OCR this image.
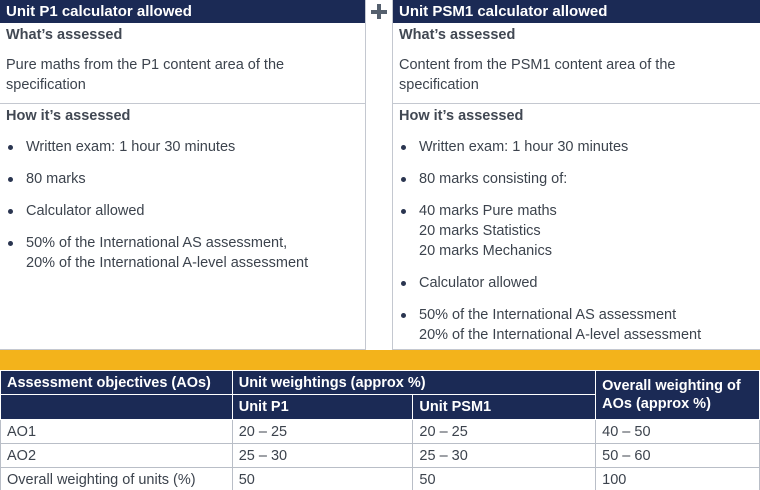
Unit P1 calculator allowed
What’s assessed
Pure maths from the P1 content area of the
specification
How it’s assessed
Written exam: 1 hour 30 minutes
80 marks
Calculator allowed
50% of the International AS assessment,
20% of the International A-level assessment
Unit PSM1 calculator allowed
What’s assessed
Content from the PSM1 content area of the
specification
How it’s assessed
Written exam: 1 hour 30 minutes
80 marks consisting of:
40 marks Pure maths
20 marks Statistics
20 marks Mechanics
Calculator allowed
50% of the International AS assessment
20% of the International A-level assessment
Assessment objectives (AOs)	Unit weightings (approx %)		Overall weighting of
AOs (approx %)

	Unit P1	Unit PSM1	
AO1	20 – 25	20 – 25	40 – 50
AO2	25 – 30	25 – 30	50 – 60
Overall weighting of units (%)	50	50	100
